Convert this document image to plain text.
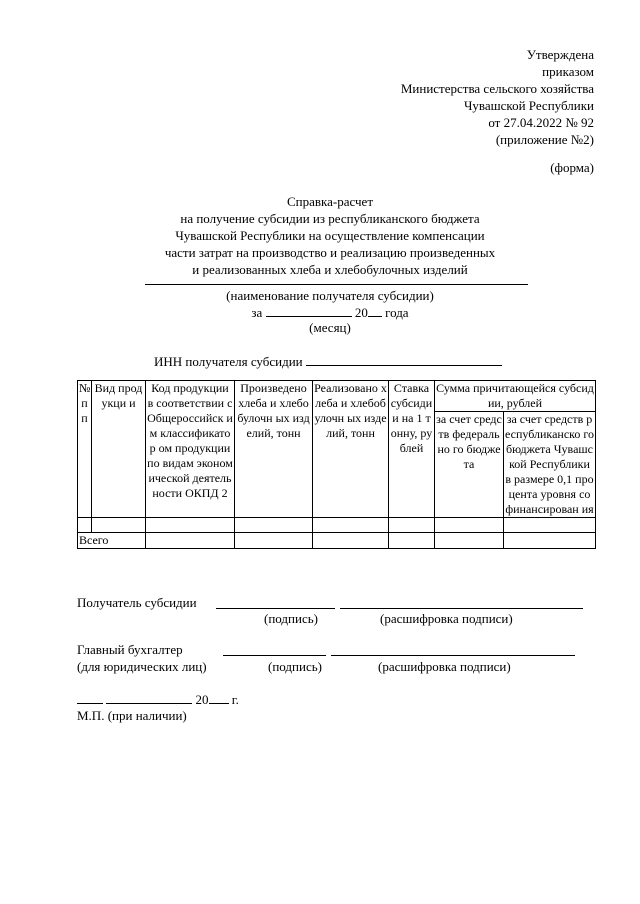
Утверждена
приказом
Министерства сельского хозяйства
Чувашской Республики
от 27.04.2022 № 92
(приложение №2)
(форма)
Справка-расчет
на получение субсидии из республиканского бюджета
Чувашской Республики на осуществление компенсации
части затрат на производство и реализацию произведенных
и реализованных хлеба и хлебобулочных изделий
(наименование получателя субсидии)
за	20 года
(месяц)
ИНН получателя субсидии
№ п п	Вид продукци и	Код продукции в соответствии с Общероссийск им классификатор ом продукции по видам экономической деятельности ОКПД 2	Произведено хлеба и хлебобулочн ых изделий, тонн	Реализовано хлеба и хлебобулочн ых изделий, тонн	Ставка субсиди и на 1 тонну, рублей	Сумма причитающейся субсидии, рублей	
						за счет средств федерально го бюджета	за счет средств республиканско го бюджета Чувашской Республики в размере 0,1 процента уровня софинансирован ия

Всего							
Получатель субсидии
(подпись)	(расшифровка подписи)
Главный бухгалтер
(для юридических лиц)	(подпись)	(расшифровка подписи)
20 г.
М.П. (при наличии)
